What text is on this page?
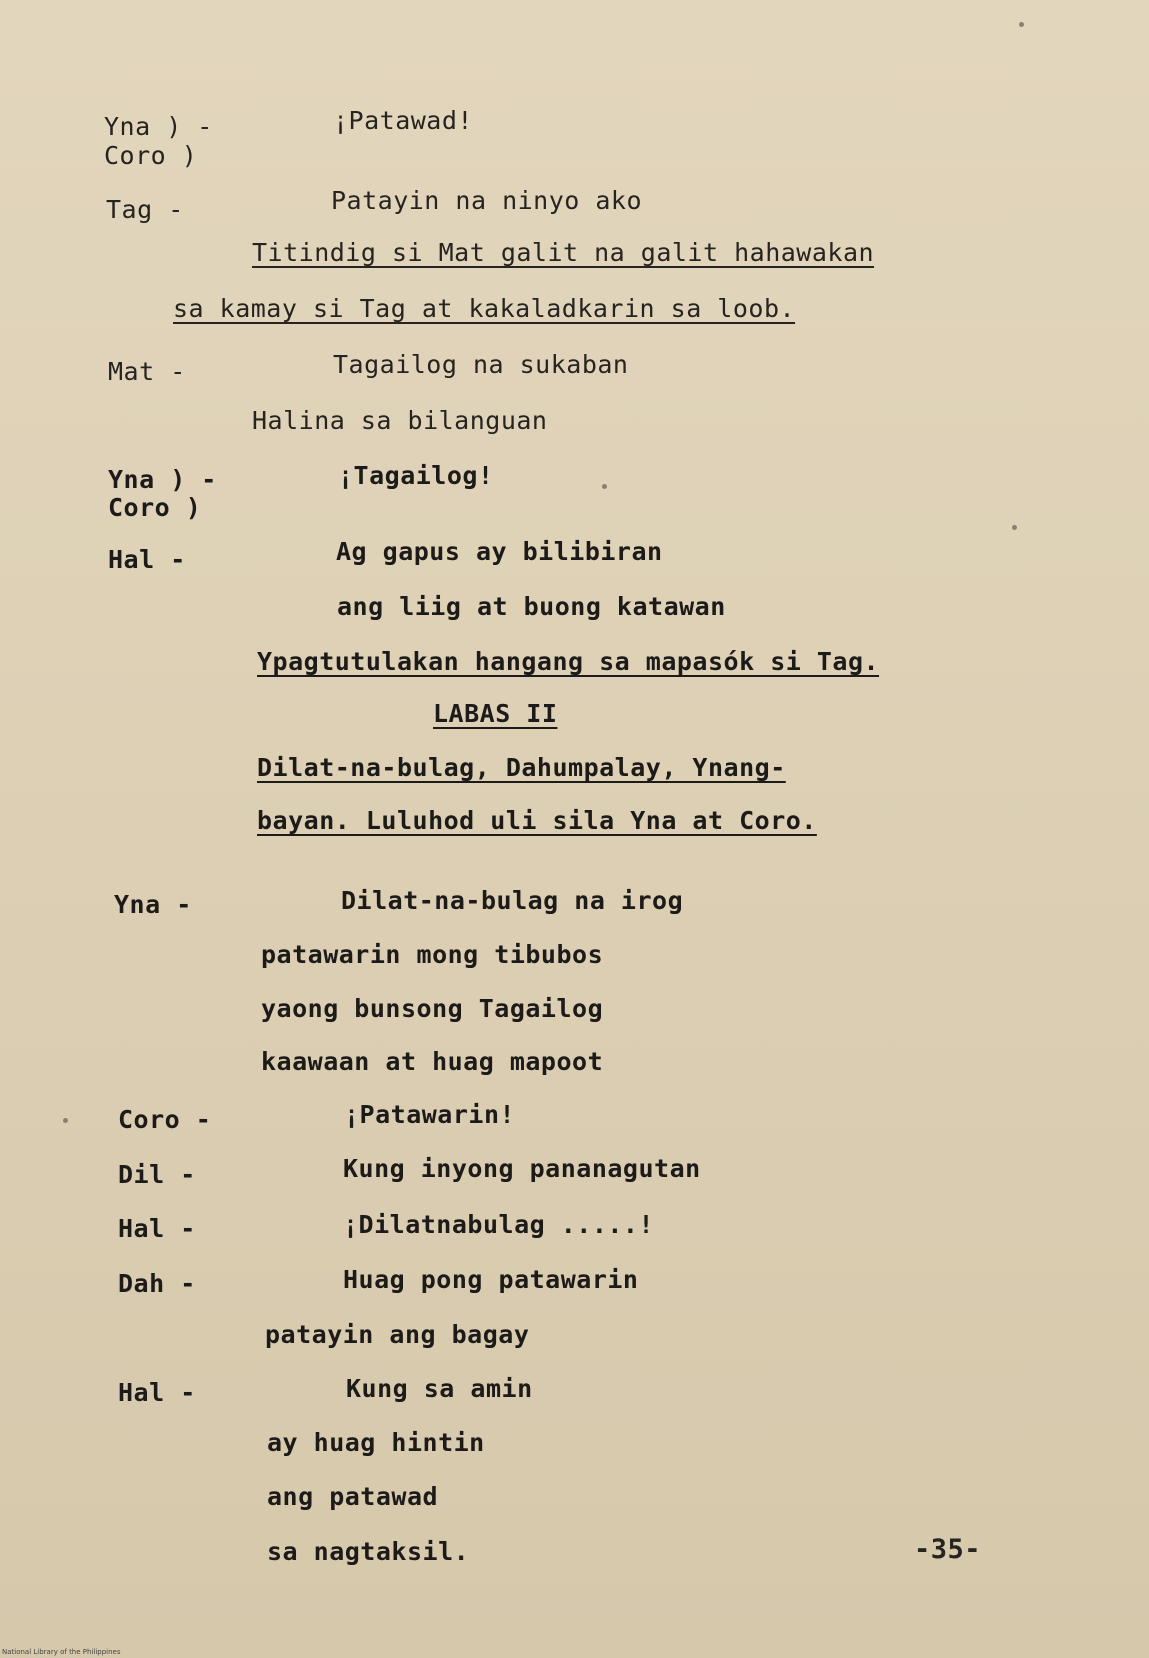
Yna ) -	¡Patawad!
Coro )
Tag -	Patayin na ninyo ako
Titindig si Mat galit na galit hahawakan
sa kamay si Tag at kakaladkarin sa loob.
Mat -	Tagailog na sukaban
Halina sa bilanguan
Yna ) -	¡Tagailog!
Coro )
Hal -	Ag gapus ay bilibiran
ang liig at buong katawan
Ypagtutulakan hangang sa mapasók si Tag.
LABAS II
Dilat-na-bulag, Dahumpalay, Ynang-
bayan. Luluhod uli sila Yna at Coro.
Yna -	Dilat-na-bulag na irog
patawarin mong tibubos
yaong bunsong Tagailog
kaawaan at huag mapoot
Coro -	¡Patawarin!
Dil -	Kung inyong pananagutan
Hal -	¡Dilatnabulag .....!
Dah -	Huag pong patawarin
patayin ang bagay
Hal -	Kung sa amin
ay huag hintin
ang patawad
sa nagtaksil.	-35-
National Library of the Philippines
